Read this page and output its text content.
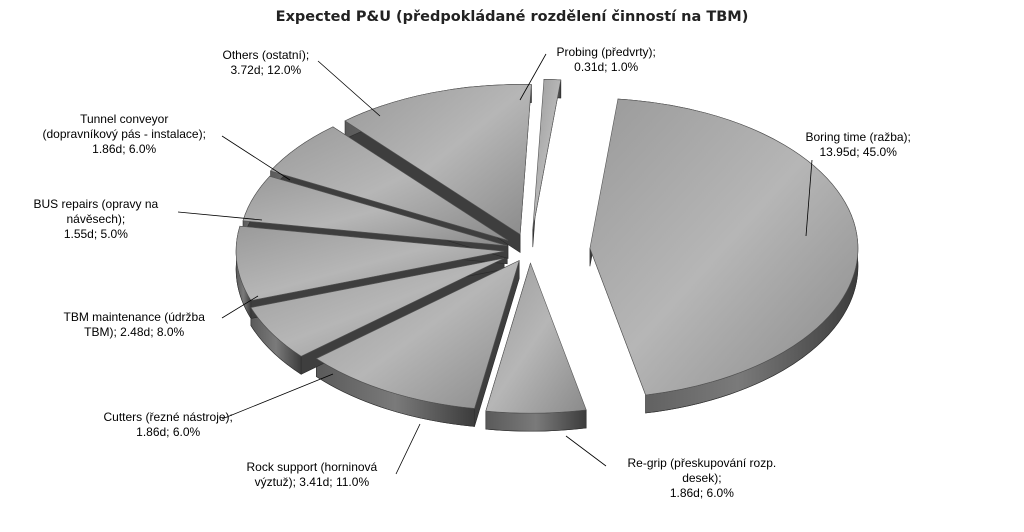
Expected P&U (předpokládané rozdělení činností na TBM)
Boring time (ražba);
13.95d; 45.0%
Re-grip (přeskupování rozp.
desek);
1.86d; 6.0%
Rock support (horninová
výztuž); 3.41d; 11.0%
Cutters (řezné nástroje);
1.86d; 6.0%
TBM maintenance (údržba
TBM); 2.48d; 8.0%
BUS repairs (opravy na
návěsech);
1.55d; 5.0%
Tunnel conveyor
(dopravníkový pás - instalace);
1.86d; 6.0%
Others (ostatní);
3.72d; 12.0%
Probing (předvrty);
0.31d; 1.0%
